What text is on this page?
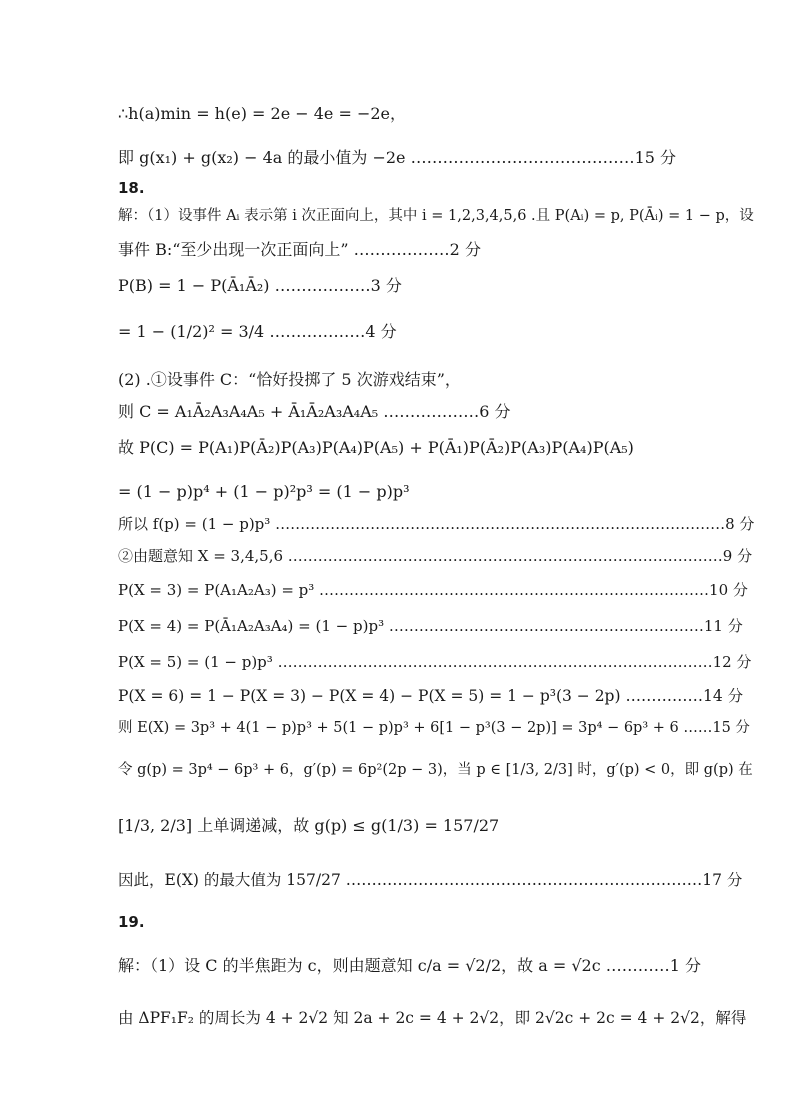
∴h(a)min = h(e) = 2e − 4e = −2e，
即 g(x₁) + g(x₂) − 4a 的最小值为 −2e ……………………………………15 分
18.
解：（1）设事件 Aᵢ 表示第 i 次正面向上，其中 i = 1,2,3,4,5,6 .且 P(Aᵢ) = p, P(Āᵢ) = 1 − p，设
事件 B:“至少出现一次正面向上” ………………2 分
P(B) = 1 − P(Ā₁Ā₂) ………………3 分
= 1 − (1/2)² = 3/4 ………………4 分
(2) .①设事件 C：“恰好投掷了 5 次游戏结束”，
则 C = A₁Ā₂A₃A₄A₅ + Ā₁Ā₂A₃A₄A₅ ………………6 分
故 P(C) = P(A₁)P(Ā₂)P(A₃)P(A₄)P(A₅) + P(Ā₁)P(Ā₂)P(A₃)P(A₄)P(A₅)
= (1 − p)p⁴ + (1 − p)²p³ = (1 − p)p³
所以 f(p) = (1 − p)p³ ………………………………………………………………………………8 分
②由题意知 X = 3,4,5,6 ……………………………………………………………………………9 分
P(X = 3) = P(A₁A₂A₃) = p³ ……………………………………………………………………10 分
P(X = 4) = P(Ā₁A₂A₃A₄) = (1 − p)p³ ………………………………………………………11 分
P(X = 5) = (1 − p)p³ ……………………………………………………………………………12 分
P(X = 6) = 1 − P(X = 3) − P(X = 4) − P(X = 5) = 1 − p³(3 − 2p) ……………14 分
则 E(X) = 3p³ + 4(1 − p)p³ + 5(1 − p)p³ + 6[1 − p³(3 − 2p)] = 3p⁴ − 6p³ + 6 ……15 分
令 g(p) = 3p⁴ − 6p³ + 6，g′(p) = 6p²(2p − 3)，当 p ∈ [1/3, 2/3] 时，g′(p) < 0，即 g(p) 在
[1/3, 2/3] 上单调递减，故 g(p) ≤ g(1/3) = 157/27
因此，E(X) 的最大值为 157/27 ……………………………………………………………17 分
19.
解：（1）设 C 的半焦距为 c，则由题意知 c/a = √2/2，故 a = √2c …………1 分
由 ΔPF₁F₂ 的周长为 4 + 2√2 知 2a + 2c = 4 + 2√2，即 2√2c + 2c = 4 + 2√2，解得
